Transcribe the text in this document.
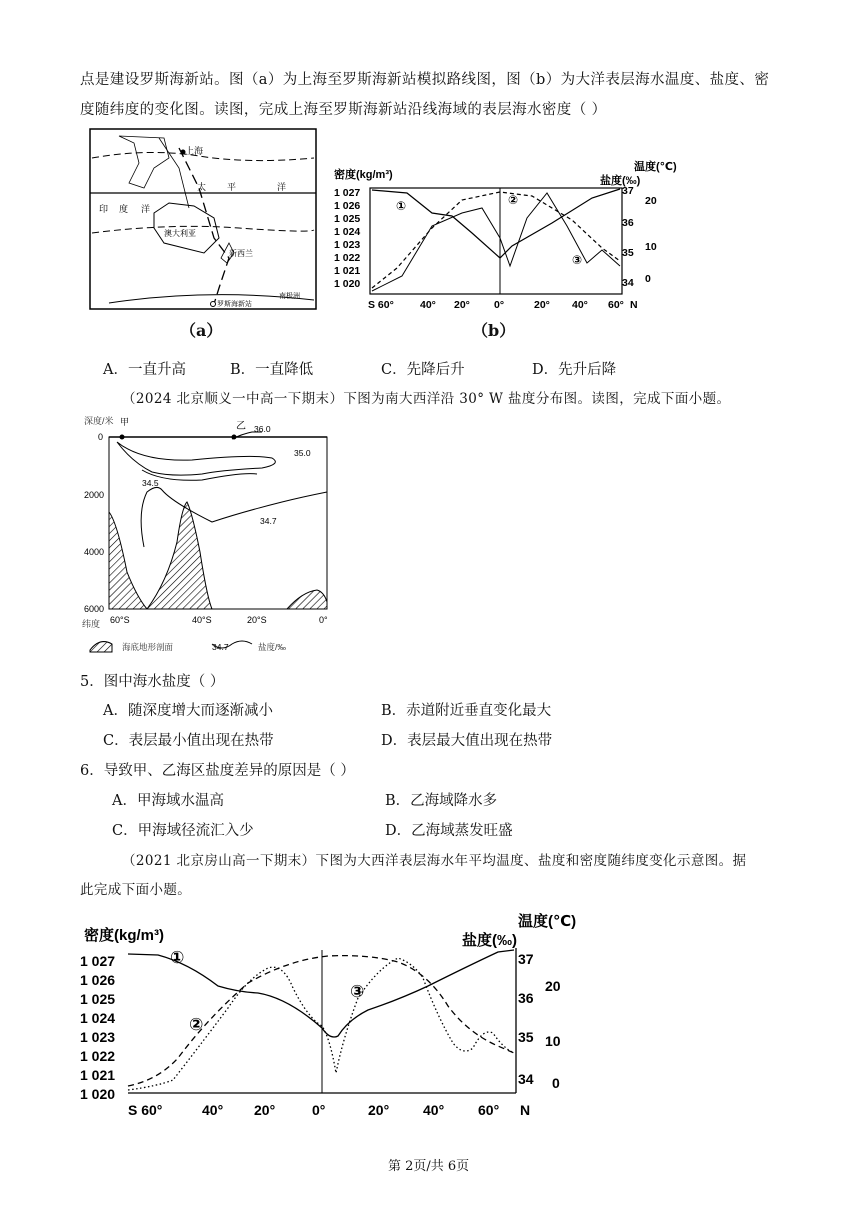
点是建设罗斯海新站。图（a）为上海至罗斯海新站模拟路线图，图（b）为大洋表层海水温度、盐度、密
度随纬度的变化图。读图，完成上海至罗斯海新站沿线海域的表层海水密度（ ）
上海
太 平	洋
印 度 洋
澳大利亚
新西兰
罗斯海新站
南极洲
（a）
密度(kg/m³)	盐度(‰)
温度(℃)
1 027
1 026
1 025
1 024
1 023
1 022
1 021
1 020
37
36
35
34
20
10
0
①	②
③
S 60° 40° 20° 0°	20° 40° 60° N
（b）
A．一直升高	B．一直降低	C．先降后升	D．先升后降
（2024 北京顺义一中高一下期末）下图为南大西洋沿 30° W 盐度分布图。读图，完成下面小题。
深度/米 甲	乙
0
2000
4000
6000
36.0
35.0
34.5
34.7
纬度 60°S	40°S	20°S	0°
海底地形剖面	34.7	盐度/‰
5．图中海水盐度（ ）
A．随深度增大而逐渐减小	B．赤道附近垂直变化最大
C．表层最小值出现在热带	D．表层最大值出现在热带
6．导致甲、乙海区盐度差异的原因是（ ）
A．甲海域水温高	B．乙海域降水多
C．甲海域径流汇入少	D．乙海域蒸发旺盛
（2021 北京房山高一下期末）下图为大西洋表层海水年平均温度、盐度和密度随纬度变化示意图。据
此完成下面小题。
密度(kg/m³)	盐度(‰)
温度(℃)
1 027
1 026
1 025
1 024
1 023
1 022
1 021
1 020
37
36
35
34
20
10
0
①
②
③
S 60°	40° 20°	0°	20° 40° 60° N
第 2页/共 6页
